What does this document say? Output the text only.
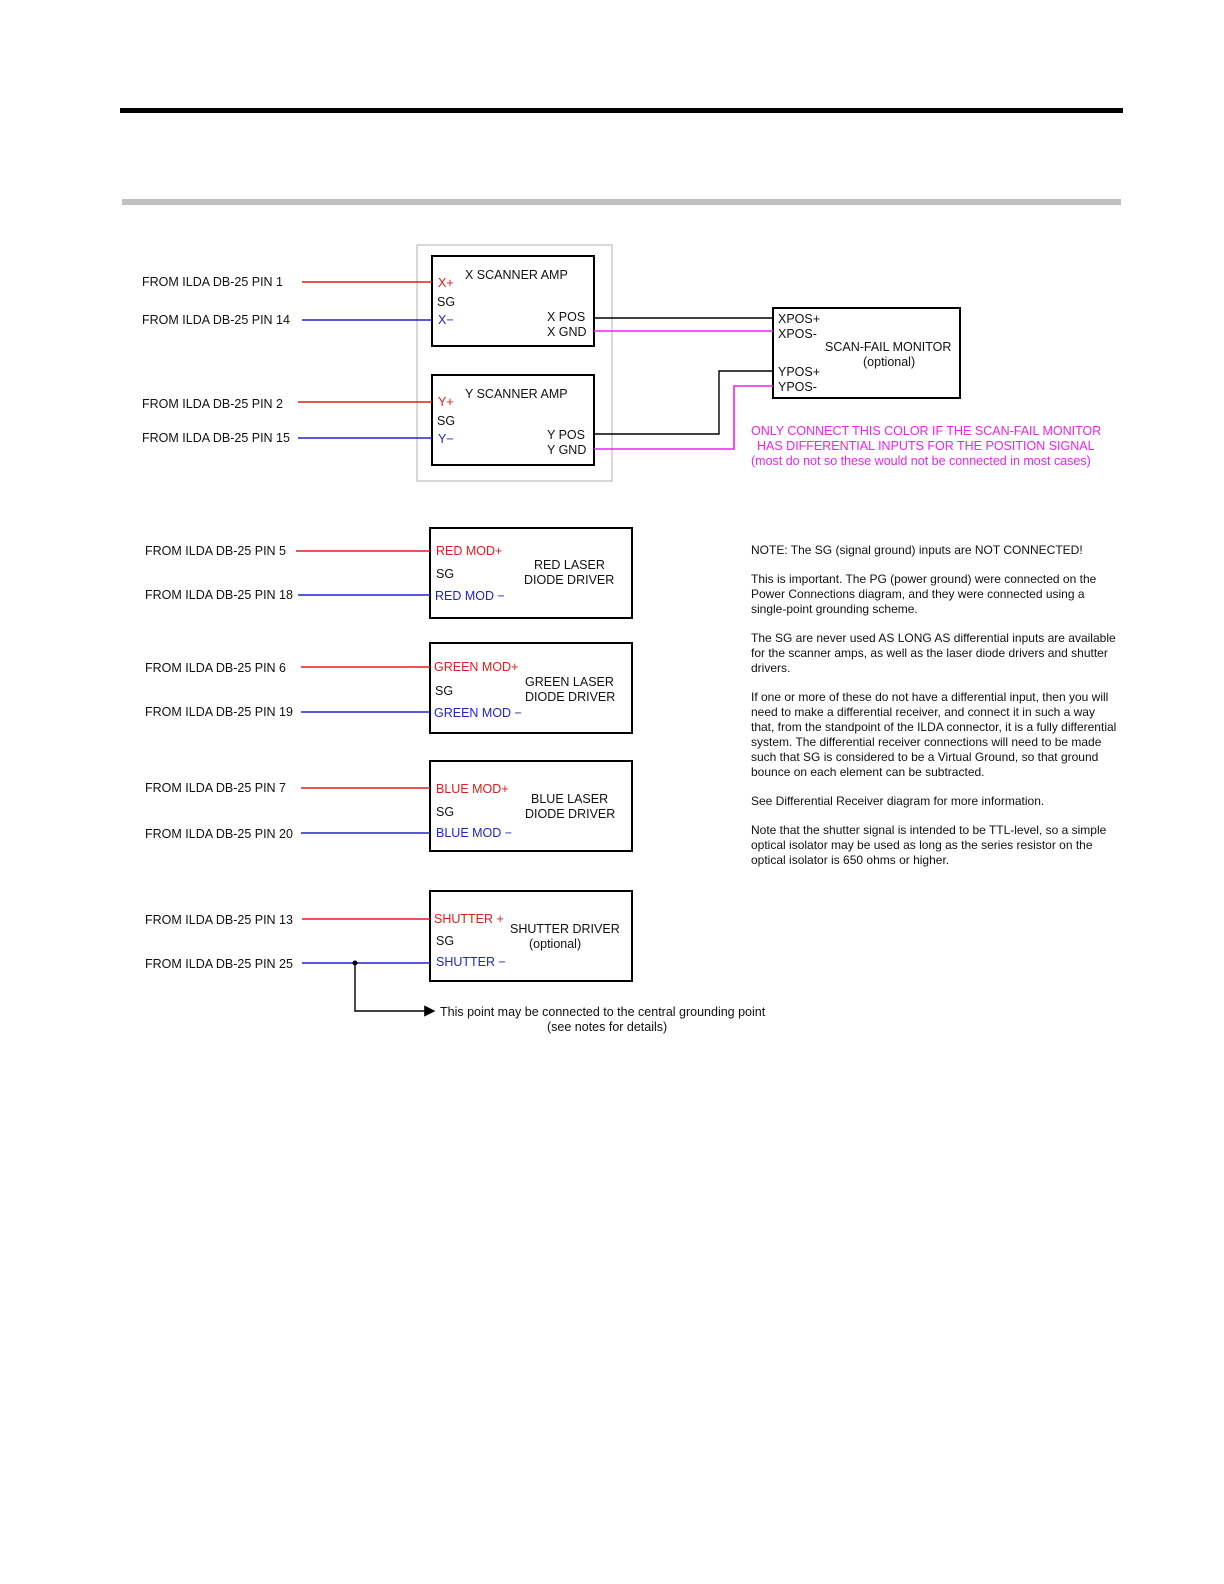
X SCANNER AMP
X+
SG
X−	X POS
X GND
FROM ILDA DB-25 PIN 1
FROM ILDA DB-25 PIN 14
Y SCANNER AMP
Y+
SG
Y−	Y POS
Y GND
FROM ILDA DB-25 PIN 2
FROM ILDA DB-25 PIN 15
XPOS+
XPOS-
YPOS+
YPOS-
SCAN-FAIL MONITOR
(optional)
ONLY CONNECT THIS COLOR IF THE SCAN-FAIL MONITOR
HAS DIFFERENTIAL INPUTS FOR THE POSITION SIGNAL
(most do not so these would not be connected in most cases)
RED MOD+
SG
RED MOD −
RED LASER
DIODE DRIVER
FROM ILDA DB-25 PIN 5
FROM ILDA DB-25 PIN 18
GREEN MOD+
SG
GREEN MOD −
GREEN LASER
DIODE DRIVER
FROM ILDA DB-25 PIN 6
FROM ILDA DB-25 PIN 19
BLUE MOD+
SG
BLUE MOD −
BLUE LASER
DIODE DRIVER
FROM ILDA DB-25 PIN 7
FROM ILDA DB-25 PIN 20
SHUTTER +
SG
SHUTTER −
SHUTTER DRIVER
(optional)
FROM ILDA DB-25 PIN 13
FROM ILDA DB-25 PIN 25
This point may be connected to the central grounding point
(see notes for details)

NOTE: The SG (signal ground) inputs are NOT CONNECTED!

This is important. The PG (power ground) were connected on the Power Connections diagram, and they were connected using a single-point grounding scheme.

The SG are never used AS LONG AS differential inputs are available for the scanner amps, as well as the laser diode drivers and shutter drivers.

If one or more of these do not have a differential input, then you will need to make a differential receiver, and connect it in such a way that, from the standpoint of the ILDA connector, it is a fully differential system. The differential receiver connections will need to be made such that SG is considered to be a Virtual Ground, so that ground bounce on each element can be subtracted.

See Differential Receiver diagram for more information.

Note that the shutter signal is intended to be TTL-level, so a simple optical isolator may be used as long as the series resistor on the optical isolator is 650 ohms or higher.
